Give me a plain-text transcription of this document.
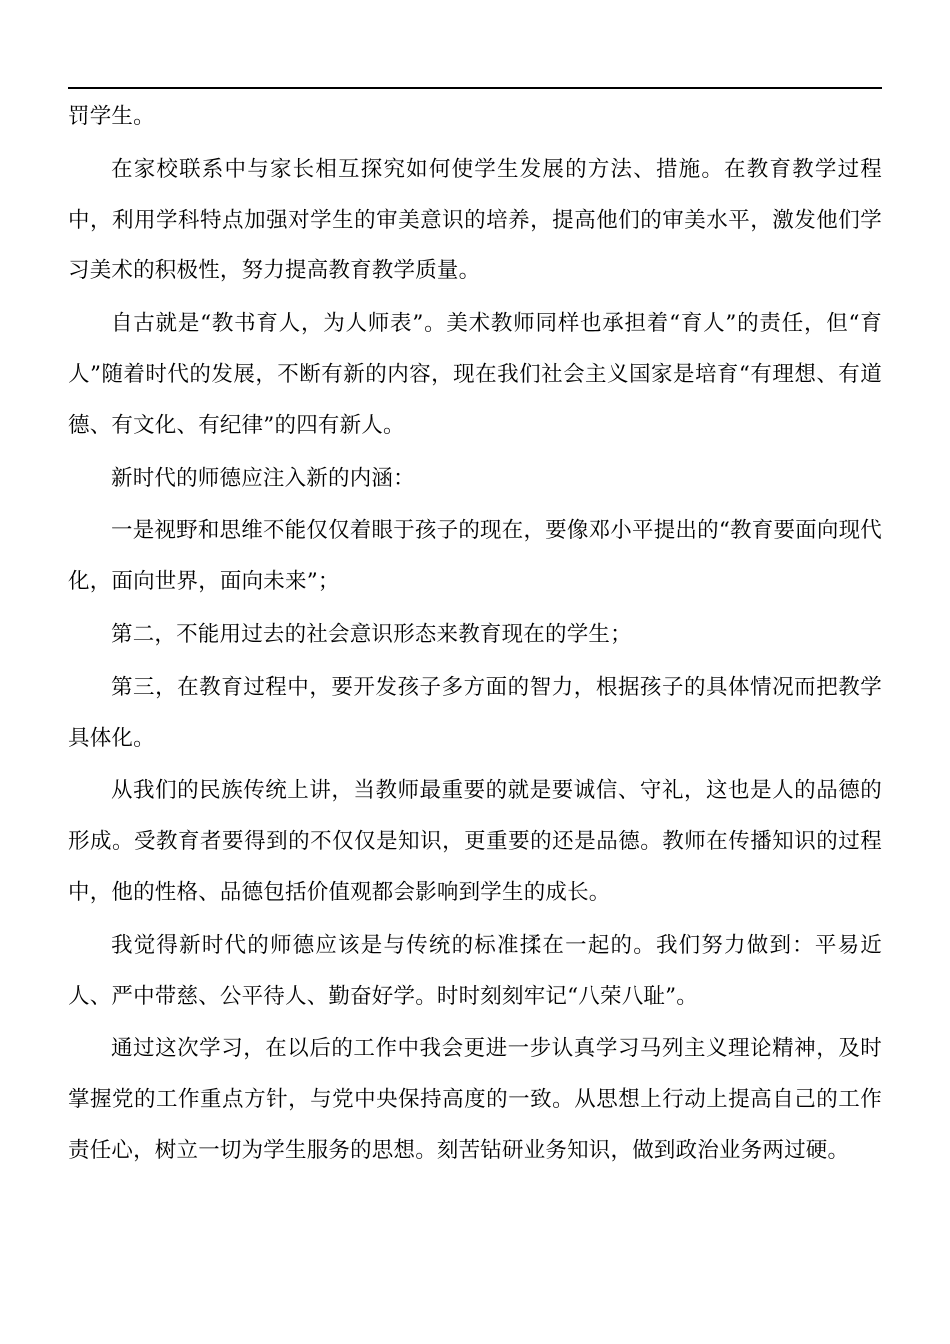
罚学生。

在家校联系中与家长相互探究如何使学生发展的方法、措施。在教育教学过程中，利用学科特点加强对学生的审美意识的培养，提高他们的审美水平，激发他们学习美术的积极性，努力提高教育教学质量。

自古就是“教书育人，为人师表”。美术教师同样也承担着“育人”的责任，但“育人”随着时代的发展，不断有新的内容，现在我们社会主义国家是培育“有理想、有道德、有文化、有纪律”的四有新人。

新时代的师德应注入新的内涵：

一是视野和思维不能仅仅着眼于孩子的现在，要像邓小平提出的“教育要面向现代化，面向世界，面向未来”；

第二，不能用过去的社会意识形态来教育现在的学生；

第三，在教育过程中，要开发孩子多方面的智力，根据孩子的具体情况而把教学具体化。

从我们的民族传统上讲，当教师最重要的就是要诚信、守礼，这也是人的品德的形成。受教育者要得到的不仅仅是知识，更重要的还是品德。教师在传播知识的过程中，他的性格、品德包括价值观都会影响到学生的成长。

我觉得新时代的师德应该是与传统的标准揉在一起的。我们努力做到：平易近人、严中带慈、公平待人、勤奋好学。时时刻刻牢记“八荣八耻”。

通过这次学习，在以后的工作中我会更进一步认真学习马列主义理论精神，及时掌握党的工作重点方针，与党中央保持高度的一致。从思想上行动上提高自己的工作责任心，树立一切为学生服务的思想。刻苦钻研业务知识，做到政治业务两过硬。
